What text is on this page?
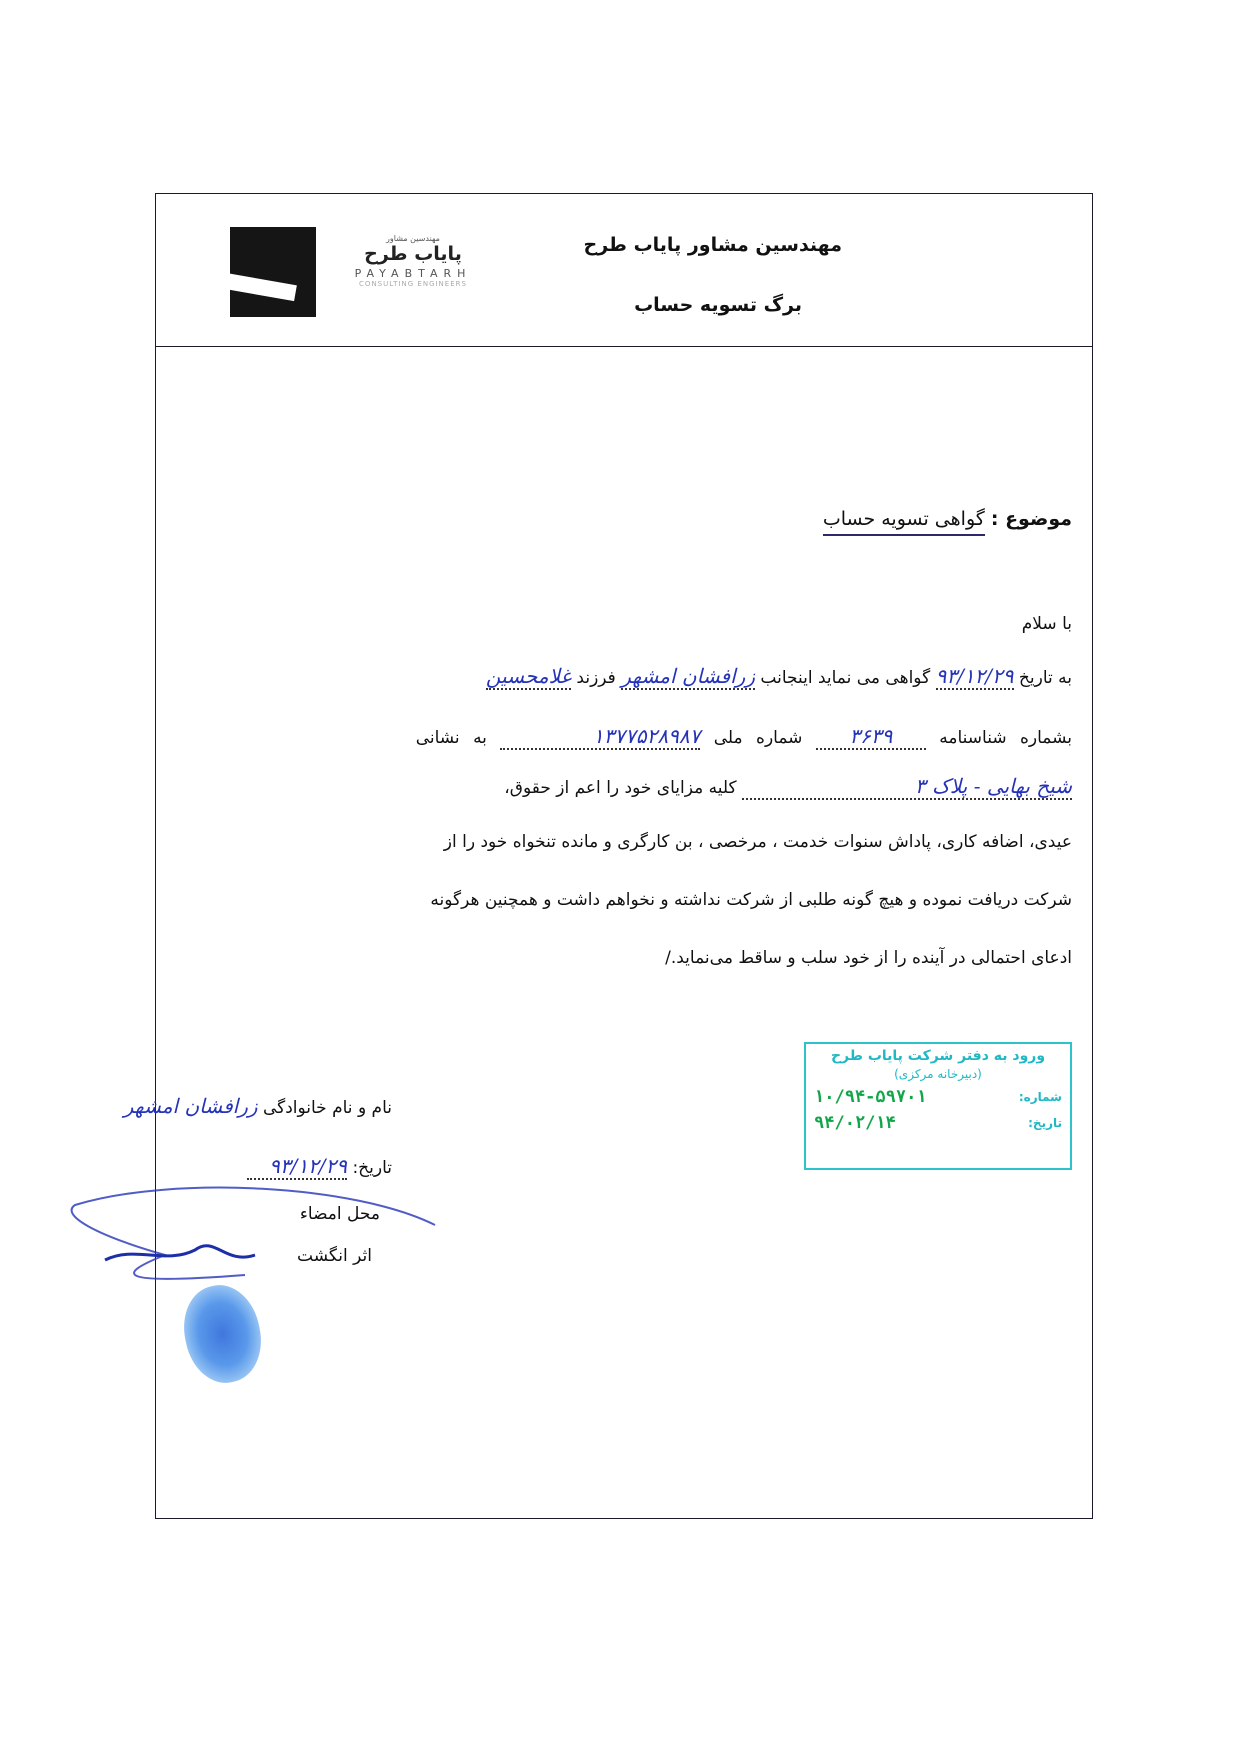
مهندسین مشاور
پایاب طرح
PAYABTARH
CONSULTING ENGINEERS
مهندسین مشاور پایاب طرح
برگ تسویه حساب
موضوع : گواهی تسویه حساب
با سلام
به تاریخ ۹۳/۱۲/۲۹ گواهی می نماید اینجانب زرافشان امشهر فرزند غلامحسین
بشماره شناسنامه ۳۶۳۹ شماره ملی ۱۳۷۷۵۲۸۹۸۷ به نشانی
شیخ بهایی - پلاک ۳ کلیه مزایای خود را اعم از حقوق،
عیدی، اضافه کاری، پاداش سنوات خدمت ، مرخصی ، بن کارگری و مانده تنخواه خود را از
شرکت دریافت نموده و هیچ گونه طلبی از شرکت نداشته و نخواهم داشت و همچنین هرگونه
ادعای احتمالی در آینده را از خود سلب و ساقط می‌نماید./
ورود به دفتر شرکت پایاب طرح
(دبیرخانه مرکزی)
شماره:
۱۰/۹۴-۵۹۷۰۱
تاریخ:
۹۴/۰۲/۱۴
نام و نام خانوادگی زرافشان امشهر
تاریخ: ۹۳/۱۲/۲۹
محل امضاء
اثر انگشت
